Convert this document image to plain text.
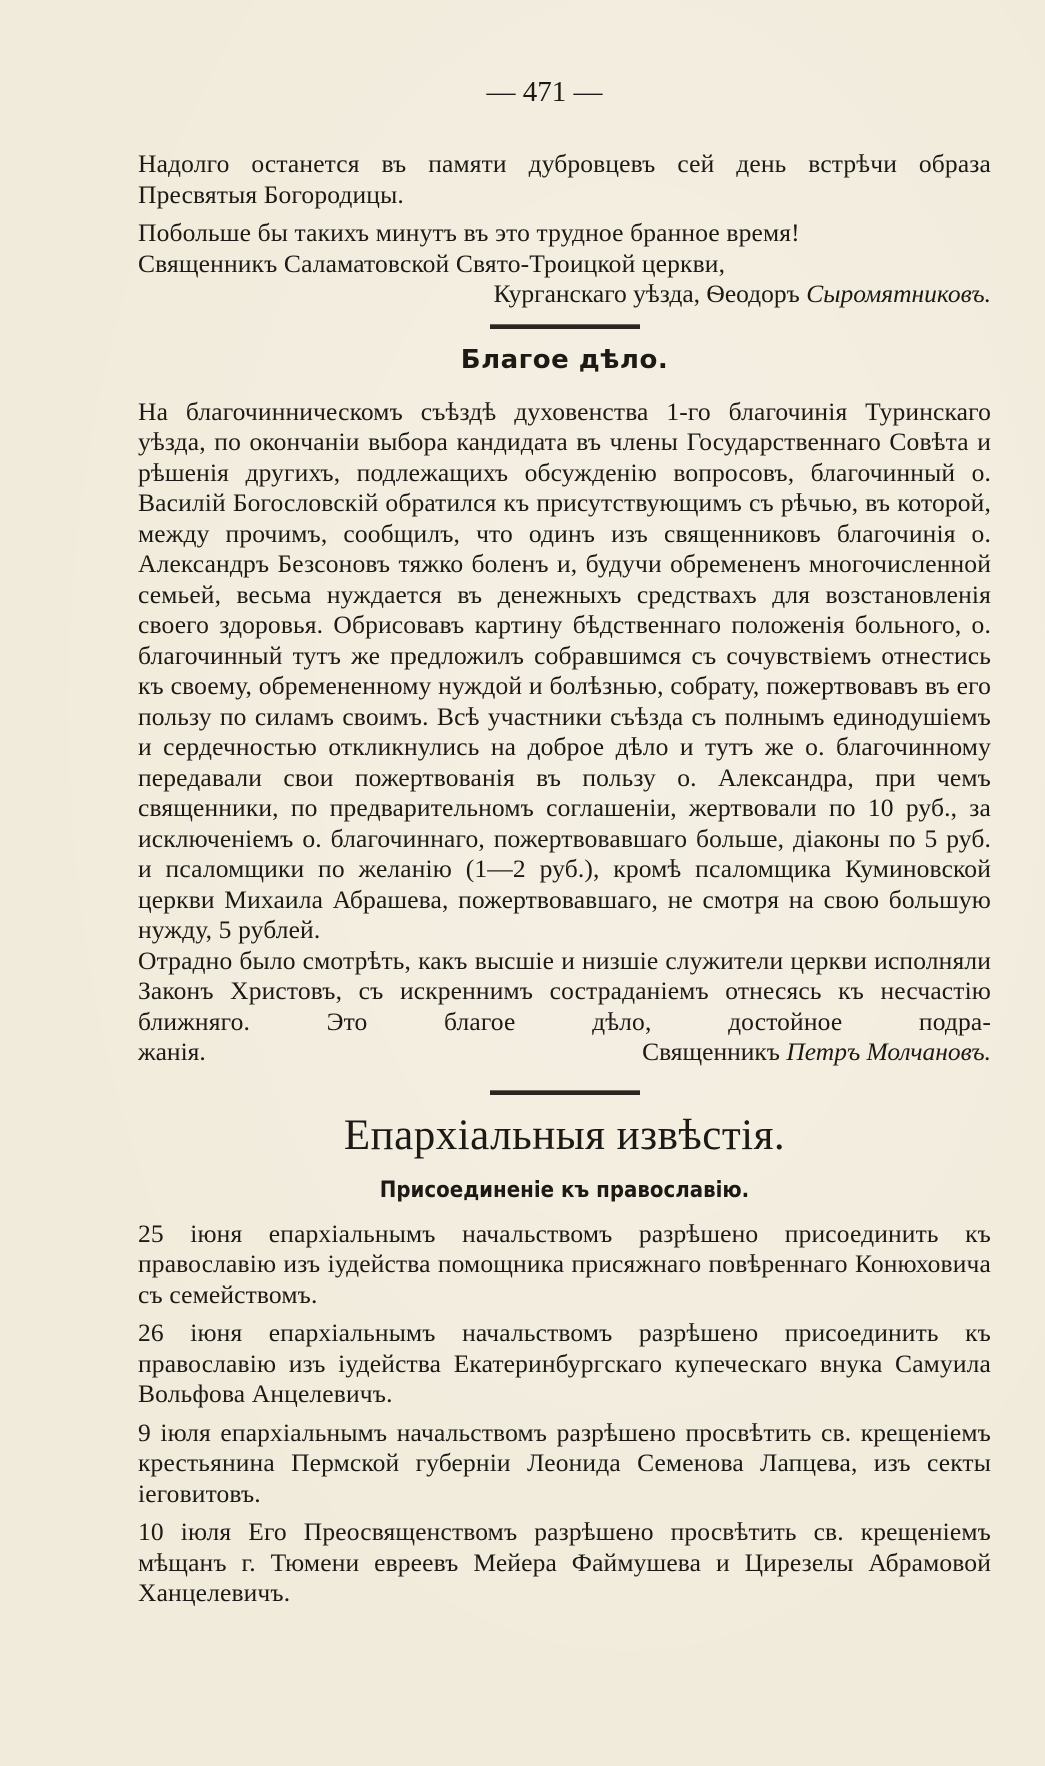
— 471 —

Надолго останется въ памяти дубровцевъ сей день встрѣчи образа Пресвятыя Богородицы.

Побольше бы такихъ минутъ въ это трудное бранное время!

Священникъ Саламатовской Свято-Троицкой церкви,

Курганскаго уѣзда, Ѳеодоръ Сыромятниковъ.

Благое дѣло.

На благочинническомъ съѣздѣ духовенства 1-го благочинія Туринскаго уѣзда, по окончаніи выбора кандидата въ члены Государственнаго Совѣта и рѣшенія другихъ, подлежащихъ обсужденію вопросовъ, благочинный о. Василій Богословскій обратился къ присутствующимъ съ рѣчью, въ которой, между прочимъ, сообщилъ, что одинъ изъ священниковъ благочинія о. Александръ Безсоновъ тяжко боленъ и, будучи обремененъ многочисленной семьей, весьма нуждается въ денежныхъ средствахъ для возстановленія своего здоровья. Обрисовавъ картину бѣдственнаго положенія больного, о. благочинный тутъ же предложилъ собравшимся съ сочувствіемъ отнестись къ своему, обремененному нуждой и болѣзнью, собрату, пожертвовавъ въ его пользу по силамъ своимъ. Всѣ участники съѣзда съ полнымъ единодушіемъ и сердечностью откликнулись на доброе дѣло и тутъ же о. благочинному передавали свои пожертвованія въ пользу о. Александра, при чемъ священники, по предварительномъ соглашеніи, жертвовали по 10 руб., за исключеніемъ о. благочиннаго, пожертвовавшаго больше, діаконы по 5 руб. и псаломщики по желанію (1—2 руб.), кромѣ псаломщика Куминовской церкви Михаила Абрашева, пожертвовавшаго, не смотря на свою большую нужду, 5 рублей.

Отрадно было смотрѣть, какъ высшіе и низшіе служители церкви исполняли Законъ Христовъ, съ искреннимъ состраданіемъ отнесясь къ несчастію ближняго. Это благое дѣло, достойное подра-

жанія.	Священникъ Петръ Молчановъ.
Епархіальныя извѣстія.
Присоединеніе къ православію.

25 іюня епархіальнымъ начальствомъ разрѣшено присоединить къ православію изъ іудейства помощника присяжнаго повѣреннаго Конюховича съ семействомъ.

26 іюня епархіальнымъ начальствомъ разрѣшено присоединить къ православію изъ іудейства Екатеринбургскаго купеческаго внука Самуила Вольфова Анцелевичъ.

9 іюля епархіальнымъ начальствомъ разрѣшено просвѣтить св. крещеніемъ крестьянина Пермской губерніи Леонида Семенова Лапцева, изъ секты іеговитовъ.

10 іюля Его Преосвященствомъ разрѣшено просвѣтить св. крещеніемъ мѣщанъ г. Тюмени евреевъ Мейера Файмушева и Цирезелы Абрамовой Ханцелевичъ.
